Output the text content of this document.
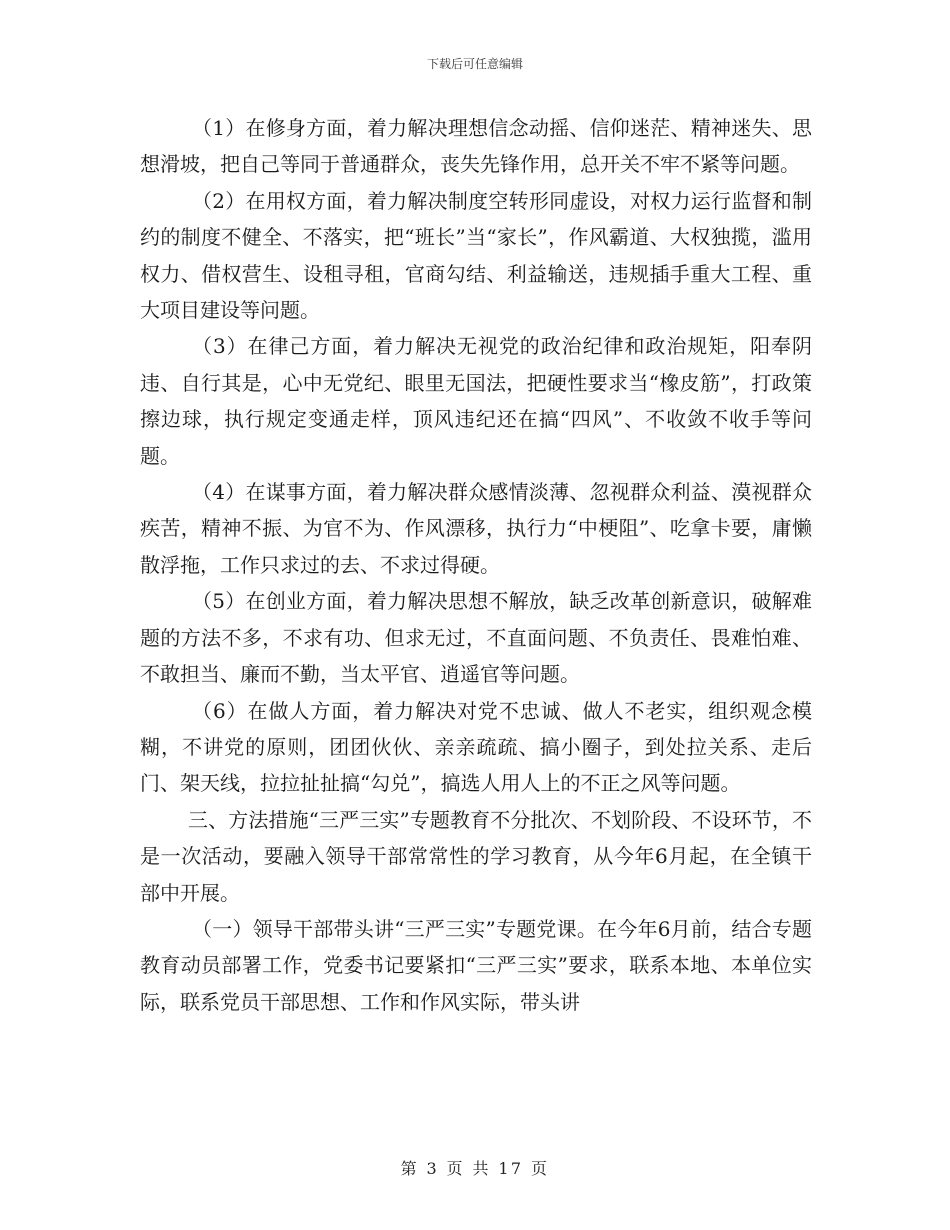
下载后可任意编辑

（1）在修身方面，着力解决理想信念动摇、信仰迷茫、精神迷失、思想滑坡，把自己等同于普通群众，丧失先锋作用，总开关不牢不紧等问题。

（2）在用权方面，着力解决制度空转形同虚设，对权力运行监督和制约的制度不健全、不落实，把“班长”当“家长”，作风霸道、大权独揽，滥用权力、借权营生、设租寻租，官商勾结、利益输送，违规插手重大工程、重大项目建设等问题。

（3）在律己方面，着力解决无视党的政治纪律和政治规矩，阳奉阴违、自行其是，心中无党纪、眼里无国法，把硬性要求当“橡皮筋”，打政策擦边球，执行规定变通走样，顶风违纪还在搞“四风”、不收敛不收手等问题。

（4）在谋事方面，着力解决群众感情淡薄、忽视群众利益、漠视群众疾苦，精神不振、为官不为、作风漂移，执行力“中梗阻”、吃拿卡要，庸懒散浮拖，工作只求过的去、不求过得硬。

（5）在创业方面，着力解决思想不解放，缺乏改革创新意识，破解难题的方法不多，不求有功、但求无过，不直面问题、不负责任、畏难怕难、不敢担当、廉而不勤，当太平官、逍遥官等问题。

（6）在做人方面，着力解决对党不忠诚、做人不老实，组织观念模糊，不讲党的原则，团团伙伙、亲亲疏疏、搞小圈子，到处拉关系、走后门、架天线，拉拉扯扯搞“勾兑”，搞选人用人上的不正之风等问题。

三、方法措施“三严三实”专题教育不分批次、不划阶段、不设环节，不是一次活动，要融入领导干部常常性的学习教育，从今年6月起，在全镇干部中开展。

（一）领导干部带头讲“三严三实”专题党课。在今年6月前，结合专题教育动员部署工作，党委书记要紧扣“三严三实”要求，联系本地、本单位实际，联系党员干部思想、工作和作风实际，带头讲

第 3 页 共 17 页
